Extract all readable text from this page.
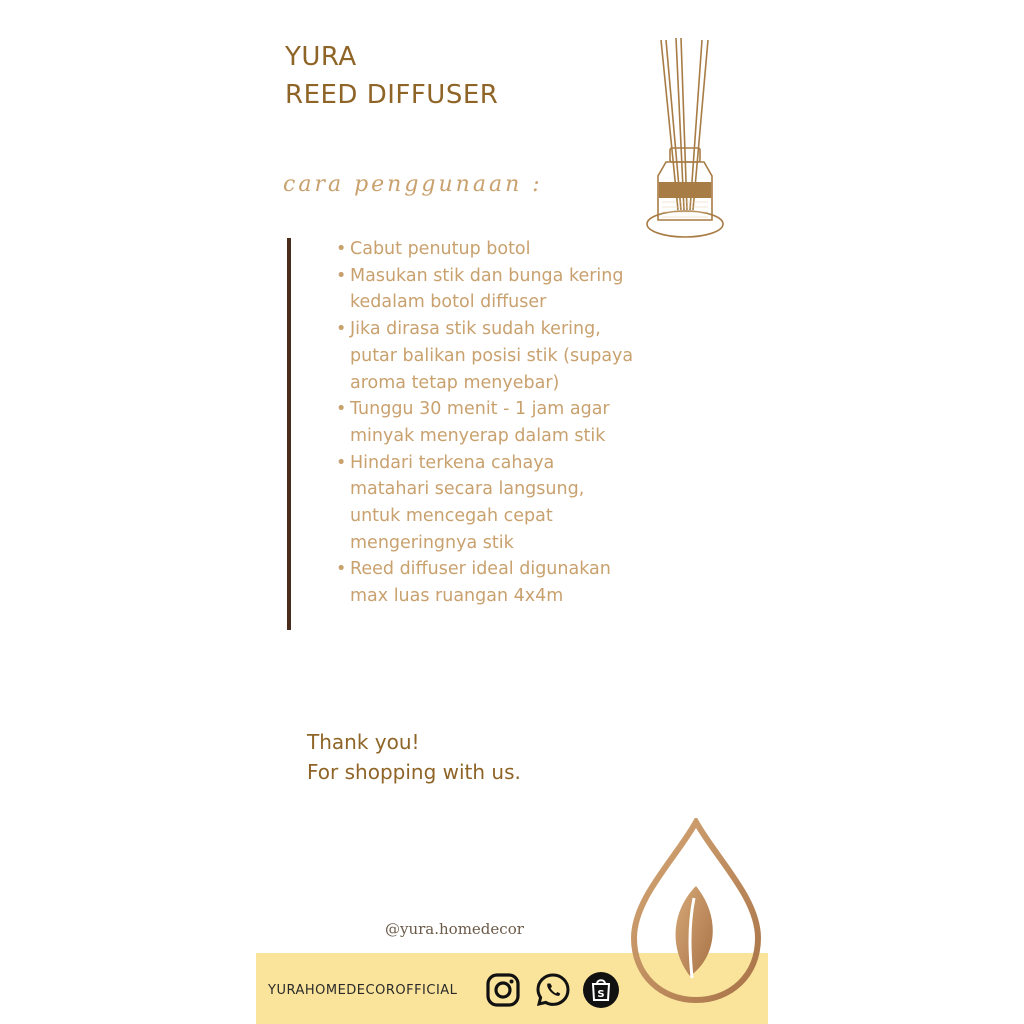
YURA
REED DIFFUSER
cara penggunaan :
• Cabut penutup botol
• Masukan stik dan bunga kering kedalam botol diffuser
• Jika dirasa stik sudah kering, putar balikan posisi stik (supaya aroma tetap menyebar)
• Tunggu 30 menit - 1 jam agar minyak menyerap dalam stik
• Hindari terkena cahaya matahari secara langsung, untuk mencegah cepat mengeringnya stik
• Reed diffuser ideal digunakan max luas ruangan 4x4m
Thank you!
For shopping with us.
@yura.homedecor
YURAHOMEDECOROFFICIAL	S
